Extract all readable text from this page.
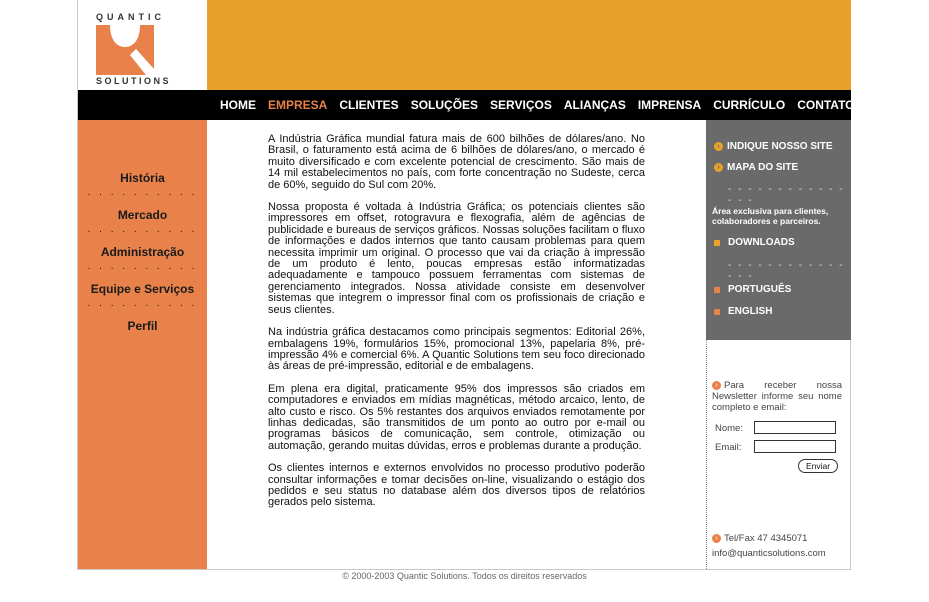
QUANTIC
SOLUTIONS
HOME EMPRESA CLIENTES SOLUÇÕES SERVIÇOS ALIANÇAS IMPRENSA CURRÍCULO CONTATO
História
. . . . . . . . . .
Mercado
. . . . . . . . . .
Administração
. . . . . . . . . .
Equipe e Serviços
. . . . . . . . . .
Perfil

A Indústria Gráfica mundial fatura mais de 600 bilhões de dólares/ano. No Brasil, o faturamento está acima de 6 bilhões de dólares/ano, o mercado é muito diversificado e com excelente potencial de crescimento. São mais de 14 mil estabelecimentos no país, com forte concentração no Sudeste, cerca de 60%, seguido do Sul com 20%.

Nossa proposta é voltada à Indústria Gráfica; os potenciais clientes são impressores em offset, rotogravura e flexografia, além de agências de publicidade e bureaus de serviços gráficos. Nossas soluções facilitam o fluxo de informações e dados internos que tanto causam problemas para quem necessita imprimir um original. O processo que vai da criação à impressão de um produto é lento, poucas empresas estão informatizadas adequadamente e tampouco possuem ferramentas com sistemas de gerenciamento integrados. Nossa atividade consiste em desenvolver sistemas que integrem o impressor final com os profissionais de criação e seus clientes.

Na indústria gráfica destacamos como principais segmentos: Editorial 26%, embalagens 19%, formulários 15%, promocional 13%, papelaria 8%, pré-impressão 4% e comercial 6%. A Quantic Solutions tem seu foco direcionado às áreas de pré-impressão, editorial e de embalagens.

Em plena era digital, praticamente 95% dos impressos são criados em computadores e enviados em mídias magnéticas, método arcaico, lento, de alto custo e risco. Os 5% restantes dos arquivos enviados remotamente por linhas dedicadas, são transmitidos de um ponto ao outro por e-mail ou programas básicos de comunicação, sem controle, otimização ou automação, gerando muitas dúvidas, erros e problemas durante a produção.

Os clientes internos e externos envolvidos no processo produtivo poderão consultar informações e tomar decisões on-line, visualizando o estágio dos pedidos e seu status no database além dos diversos tipos de relatórios gerados pelo sistema.

› INDIQUE NOSSO SITE
› MAPA DO SITE
- - - - - - - - - - - - - - -
Área exclusiva para clientes, colaboradores e parceiros.
DOWNLOADS
- - - - - - - - - - - - - - -
PORTUGUÊS
ENGLISH
› Para receber nossa Newsletter informe seu nome completo e email:
Nome:
Email:
Enviar
› Tel/Fax 47 4345071
info@quanticsolutions.com
© 2000-2003 Quantic Solutions. Todos os direitos reservados
